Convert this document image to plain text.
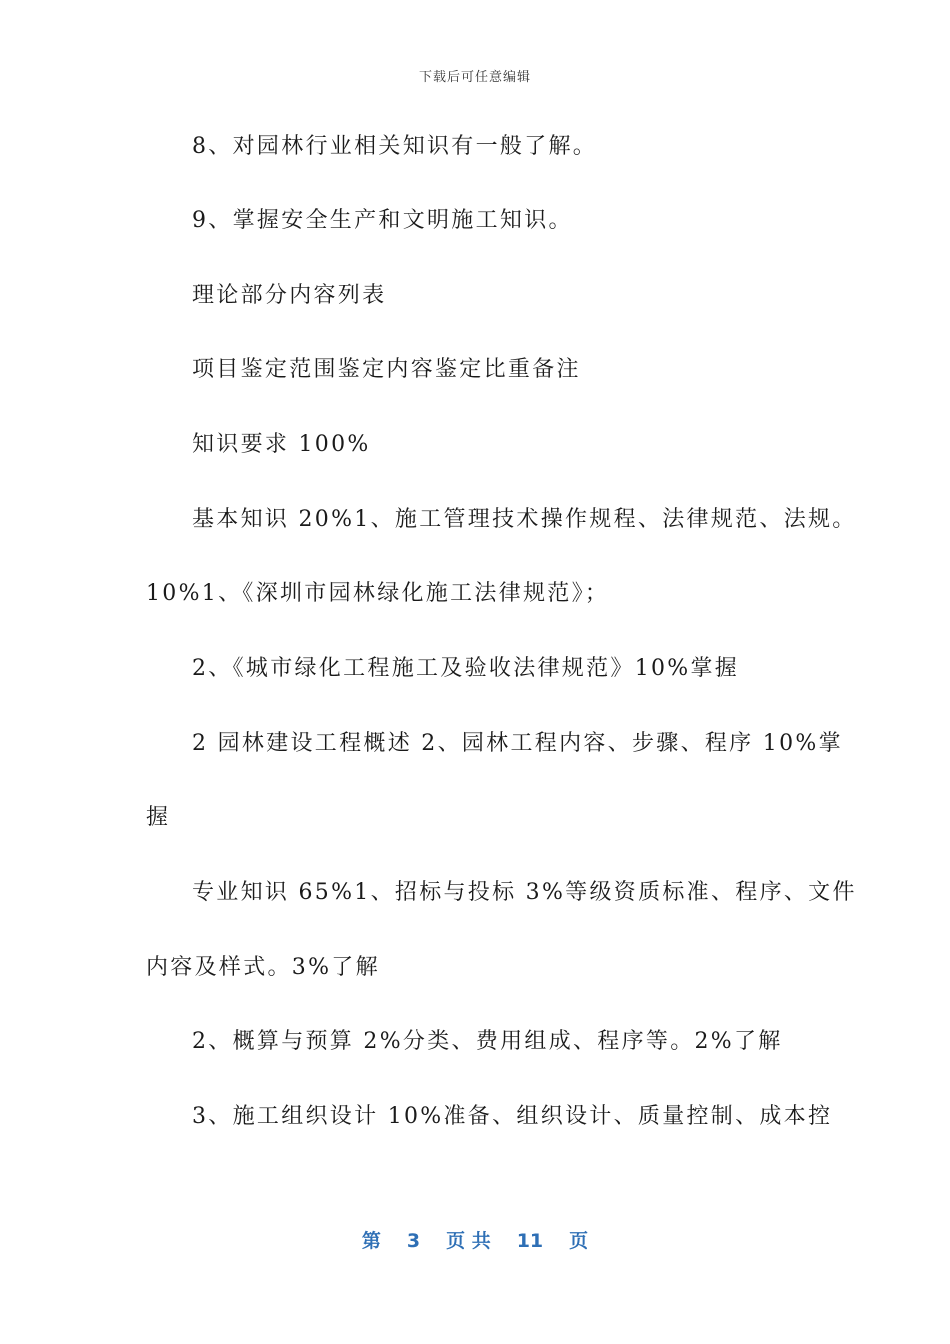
下载后可任意编辑
8、对园林行业相关知识有一般了解。
9、掌握安全生产和文明施工知识。
理论部分内容列表
项目鉴定范围鉴定内容鉴定比重备注
知识要求 100%
基本知识 20%1、施工管理技术操作规程、法律规范、法规。
10%1、《深圳市园林绿化施工法律规范》；
2、《城市绿化工程施工及验收法律规范》10%掌握
2 园林建设工程概述 2、园林工程内容、步骤、程序 10%掌
握
专业知识 65%1、招标与投标 3%等级资质标准、程序、文件
内容及样式。3%了解
2、概算与预算 2%分类、费用组成、程序等。2%了解
3、施工组织设计 10%准备、组织设计、质量控制、成本控
第 3 页 共 11 页
